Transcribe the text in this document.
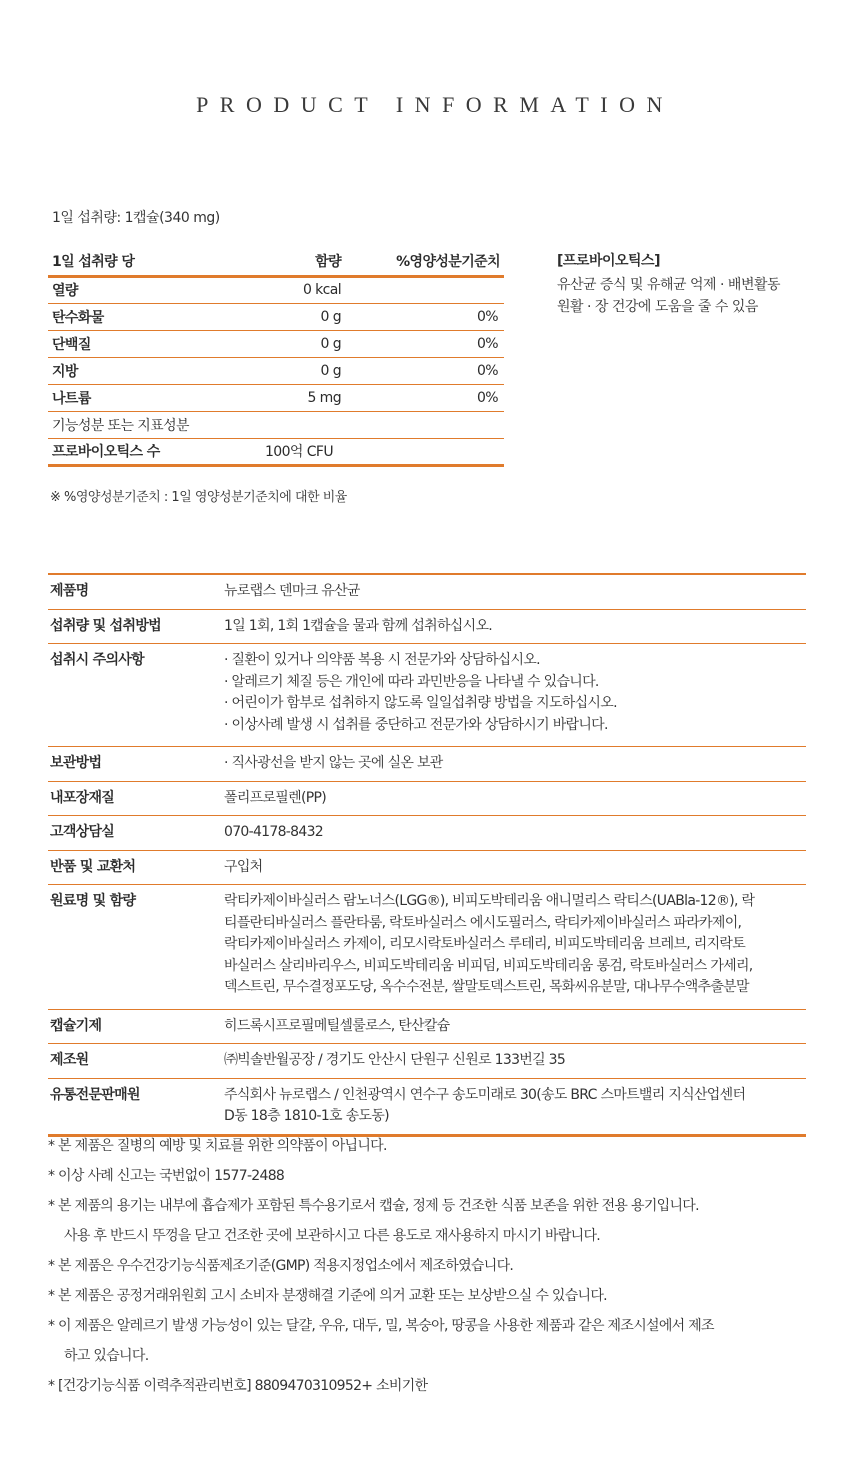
PRODUCT INFORMATION
1일 섭취량: 1캡슐(340 mg)
1일 섭취량 당	함량	%영양성분기준치
열량	0 kcal	
탄수화물	0 g	0%
단백질	0 g	0%
지방	0 g	0%
나트륨	5 mg	0%
기능성분 또는 지표성분		
프로바이오틱스 수	100억 CFU	
[프로바이오틱스]
유산균 증식 및 유해균 억제 · 배변활동
원활 · 장 건강에 도움을 줄 수 있음
※ %영양성분기준치 : 1일 영양성분기준치에 대한 비율
제품명	뉴로랩스 덴마크 유산균
섭취량 및 섭취방법	1일 1회, 1회 1캡슐을 물과 함께 섭취하십시오.
섭취시 주의사항	· 질환이 있거나 의약품 복용 시 전문가와 상담하십시오.
· 알레르기 체질 등은 개인에 따라 과민반응을 나타낼 수 있습니다.
· 어린이가 함부로 섭취하지 않도록 일일섭취량 방법을 지도하십시오.
· 이상사례 발생 시 섭취를 중단하고 전문가와 상담하시기 바랍니다.
보관방법	· 직사광선을 받지 않는 곳에 실온 보관
내포장재질	폴리프로필렌(PP)
고객상담실	070-4178-8432
반품 및 교환처	구입처
원료명 및 함량	락티카제이바실러스 람노너스(LGG®), 비피도박테리움 애니멀리스 락티스(UABla-12®), 락
티플란티바실러스 플란타룸, 락토바실러스 에시도필러스, 락티카제이바실러스 파라카제이,
락티카제이바실러스 카제이, 리모시락토바실러스 루테리, 비피도박테리움 브레브, 리지락토
바실러스 살리바리우스, 비피도박테리움 비피덤, 비피도박테리움 롱검, 락토바실러스 가세리,
덱스트린, 무수결정포도당, 옥수수전분, 쌀말토덱스트린, 목화씨유분말, 대나무수액추출분말
캡슐기제	히드록시프로필메틸셀룰로스, 탄산칼슘
제조원	㈜빅솔반월공장 / 경기도 안산시 단원구 신원로 133번길 35
유통전문판매원	주식회사 뉴로랩스 / 인천광역시 연수구 송도미래로 30(송도 BRC 스마트밸리 지식산업센터
D동 18층 1810-1호 송도동)
* 본 제품은 질병의 예방 및 치료를 위한 의약품이 아닙니다.
* 이상 사례 신고는 국번없이 1577-2488
* 본 제품의 용기는 내부에 흡습제가 포함된 특수용기로서 캡슐, 정제 등 건조한 식품 보존을 위한 전용 용기입니다.
사용 후 반드시 뚜껑을 닫고 건조한 곳에 보관하시고 다른 용도로 재사용하지 마시기 바랍니다.
* 본 제품은 우수건강기능식품제조기준(GMP) 적용지정업소에서 제조하였습니다.
* 본 제품은 공정거래위원회 고시 소비자 분쟁해결 기준에 의거 교환 또는 보상받으실 수 있습니다.
* 이 제품은 알레르기 발생 가능성이 있는 달걀, 우유, 대두, 밀, 복숭아, 땅콩을 사용한 제품과 같은 제조시설에서 제조
하고 있습니다.
* [건강기능식품 이력추적관리번호] 8809470310952+ 소비기한
